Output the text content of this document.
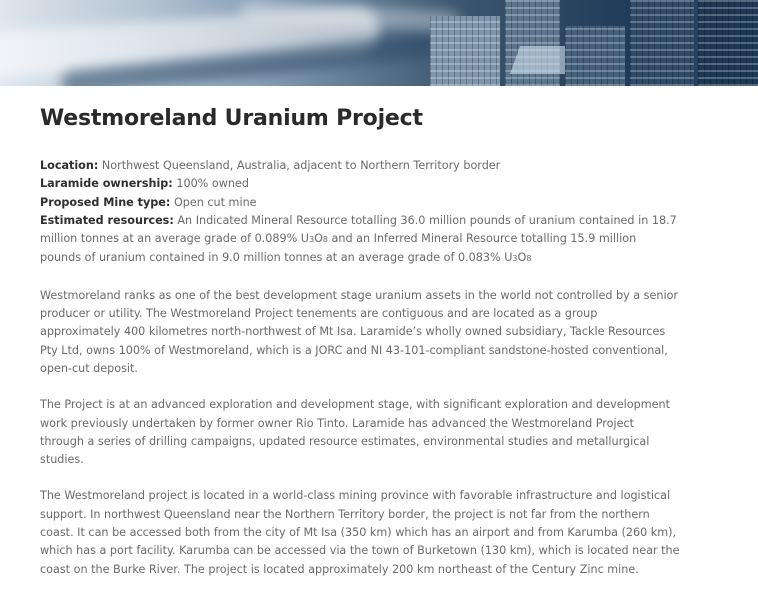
Westmoreland Uranium Project

Location: Northwest Queensland, Australia, adjacent to Northern Territory border

Laramide ownership: 100% owned

Proposed Mine type: Open cut mine

Estimated resources: An Indicated Mineral Resource totalling 36.0 million pounds of uranium contained in 18.7 million tonnes at an average grade of 0.089% U3O8 and an Inferred Mineral Resource totalling 15.9 million pounds of uranium contained in 9.0 million tonnes at an average grade of 0.083% U3O8

Westmoreland ranks as one of the best development stage uranium assets in the world not controlled by a senior producer or utility. The Westmoreland Project tenements are contiguous and are located as a group approximately 400 kilometres north-northwest of Mt Isa. Laramide’s wholly owned subsidiary, Tackle Resources Pty Ltd, owns 100% of Westmoreland, which is a JORC and NI 43-101-compliant sandstone-hosted conventional, open-cut deposit.

The Project is at an advanced exploration and development stage, with significant exploration and development work previously undertaken by former owner Rio Tinto. Laramide has advanced the Westmoreland Project through a series of drilling campaigns, updated resource estimates, environmental studies and metallurgical studies.

The Westmoreland project is located in a world-class mining province with favorable infrastructure and logistical support. In northwest Queensland near the Northern Territory border, the project is not far from the northern coast. It can be accessed both from the city of Mt Isa (350 km) which has an airport and from Karumba (260 km), which has a port facility. Karumba can be accessed via the town of Burketown (130 km), which is located near the coast on the Burke River. The project is located approximately 200 km northeast of the Century Zinc mine.
